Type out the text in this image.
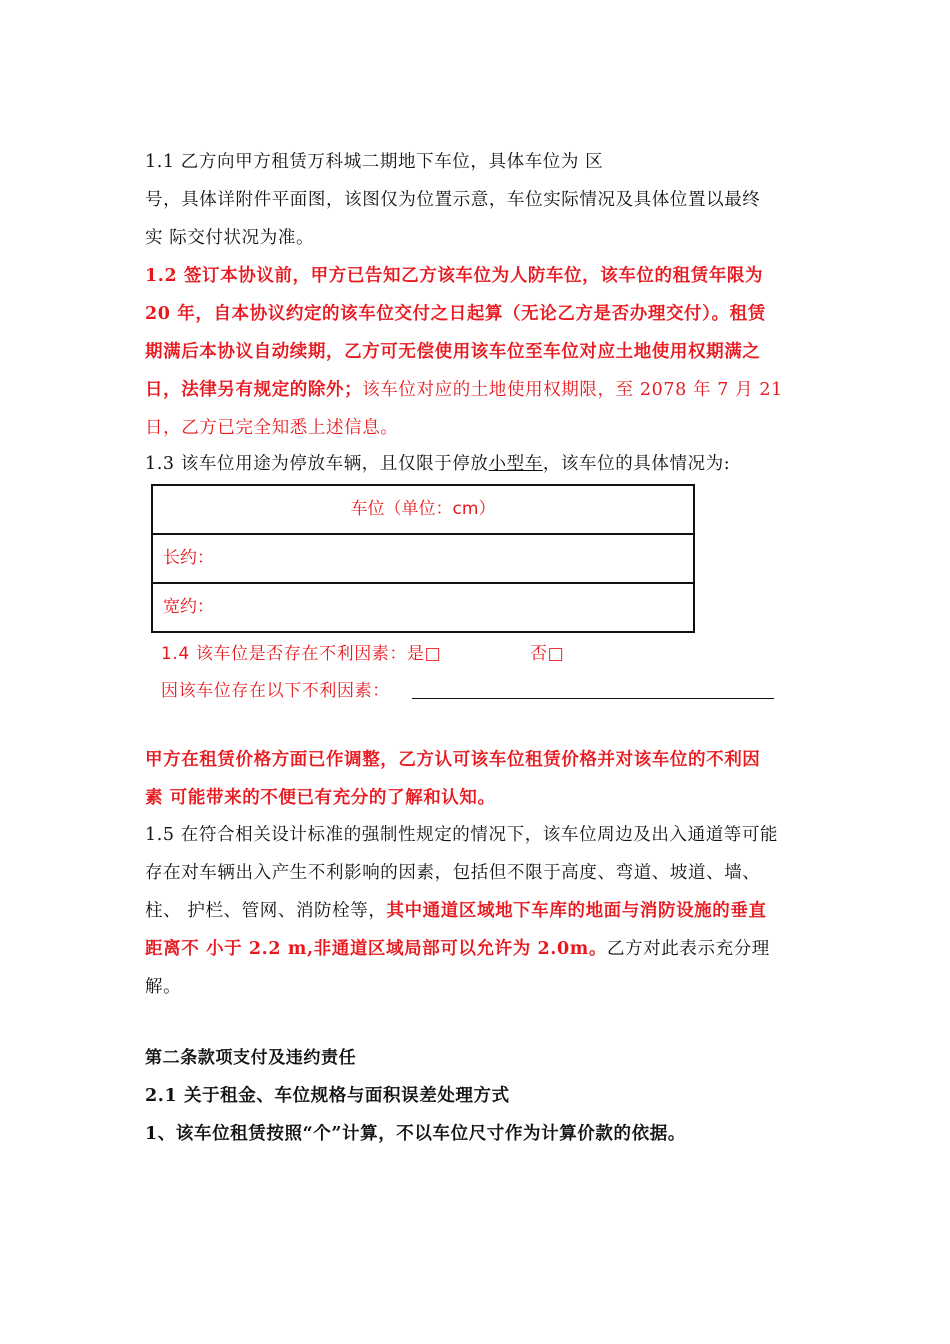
1.1 乙方向甲方租赁万科城二期地下车位，具体车位为 区
号，具体详附件平面图，该图仅为位置示意，车位实际情况及具体位置以最终
实 际交付状况为准。
1.2 签订本协议前，甲方已告知乙方该车位为人防车位，该车位的租赁年限为
20 年，自本协议约定的该车位交付之日起算（无论乙方是否办理交付）。租赁
期满后本协议自动续期，乙方可无偿使用该车位至车位对应土地使用权期满之
日，法律另有规定的除外；该车位对应的土地使用权期限，至 2078 年 7 月 21
日，乙方已完全知悉上述信息。
1.3 该车位用途为停放车辆，且仅限于停放小型车，该车位的具体情况为:
车位（单位：cm）
长约：
宽约：
1.4 该车位是否存在不利因素：是□	否□
因该车位存在以下不利因素：
甲方在租赁价格方面已作调整，乙方认可该车位租赁价格并对该车位的不利因
素 可能带来的不便已有充分的了解和认知。
1.5 在符合相关设计标准的强制性规定的情况下，该车位周边及出入通道等可能
存在对车辆出入产生不利影响的因素，包括但不限于高度、弯道、坡道、墙、
柱、 护栏、管网、消防栓等，其中通道区域地下车库的地面与消防设施的垂直
距离不 小于 2.2 m,非通道区域局部可以允许为 2.0m。乙方对此表示充分理
解。
第二条款项支付及违约责任
2.1 关于租金、车位规格与面积误差处理方式
1、该车位租赁按照“个”计算，不以车位尺寸作为计算价款的依据。
